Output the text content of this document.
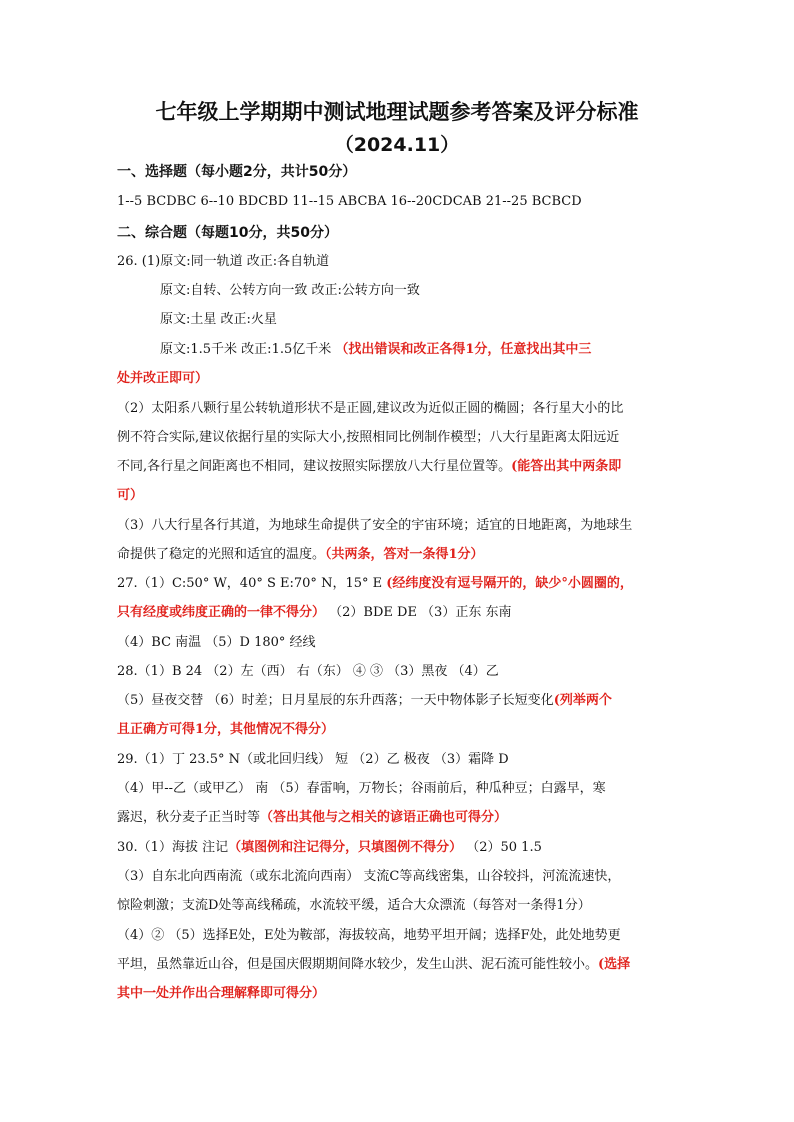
七年级上学期期中测试地理试题参考答案及评分标准
（2024.11）
一、选择题（每小题2分，共计50分）
1--5 BCDBC 6--10 BDCBD 11--15 ABCBA 16--20CDCAB 21--25 BCBCD
二、综合题（每题10分，共50分）
26. (1)原文:同一轨道 改正:各自轨道
原文:自转、公转方向一致 改正:公转方向一致
原文:土星 改正:火星
原文:1.5千米 改正:1.5亿千米 （找出错误和改正各得1分，任意找出其中三
处并改正即可）
（2）太阳系八颗行星公转轨道形状不是正圆,建议改为近似正圆的椭圆；各行星大小的比
例不符合实际,建议依据行星的实际大小,按照相同比例制作模型；八大行星距离太阳远近
不同,各行星之间距离也不相同，建议按照实际摆放八大行星位置等。(能答出其中两条即
可）
（3）八大行星各行其道，为地球生命提供了安全的宇宙环境；适宜的日地距离，为地球生
命提供了稳定的光照和适宜的温度。（共两条，答对一条得1分）
27.（1）C:50° W，40° S E:70° N，15° E (经纬度没有逗号隔开的，缺少°小圆圈的，
只有经度或纬度正确的一律不得分） （2）BDE DE （3）正东 东南
（4）BC 南温 （5）D 180° 经线
28.（1）B 24 （2）左（西） 右（东） ④ ③ （3）黑夜 （4）乙
（5）昼夜交替 （6）时差；日月星辰的东升西落；一天中物体影子长短变化(列举两个
且正确方可得1分，其他情况不得分）
29.（1）丁 23.5° N（或北回归线） 短 （2）乙 极夜 （3）霜降 D
（4）甲--乙（或甲乙） 南 （5）春雷响，万物长；谷雨前后，种瓜种豆；白露早，寒
露迟，秋分麦子正当时等（答出其他与之相关的谚语正确也可得分）
30.（1）海拔 注记（填图例和注记得分，只填图例不得分） （2）50 1.5
（3）自东北向西南流（或东北流向西南） 支流C等高线密集，山谷较抖，河流流速快，
惊险刺激；支流D处等高线稀疏，水流较平缓，适合大众漂流（每答对一条得1分）
（4）② （5）选择E处，E处为鞍部，海拔较高，地势平坦开阔；选择F处，此处地势更
平坦，虽然靠近山谷，但是国庆假期期间降水较少，发生山洪、泥石流可能性较小。(选择
其中一处并作出合理解释即可得分）
